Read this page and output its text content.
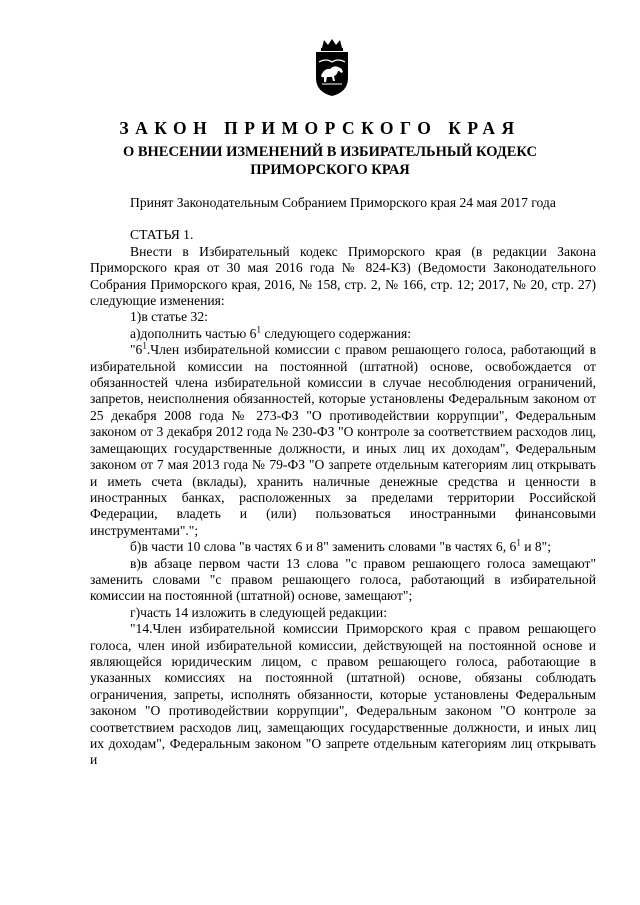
ЗАКОН ПРИМОРСКОГО КРАЯ
О ВНЕСЕНИИ ИЗМЕНЕНИЙ В ИЗБИРАТЕЛЬНЫЙ КОДЕКС
ПРИМОРСКОГО КРАЯ

Принят Законодательным Собранием Приморского края 24 мая 2017 года

СТАТЬЯ 1.

Внести в Избирательный кодекс Приморского края (в редакции Закона Приморского края от 30 мая 2016 года № 824-КЗ) (Ведомости Законодательного Собрания Приморского края, 2016, № 158, стр. 2, № 166, стр. 12; 2017, № 20, стр. 27) следующие изменения:

1)в статье 32:

а)дополнить частью $6^1$ следующего содержания:

"$6^1.Член$ избирательной комиссии с правом решающего голоса, работающий в избирательной комиссии на постоянной (штатной) основе, освобождается от обязанностей члена избирательной комиссии в случае несоблюдения ограничений, запретов, неисполнения обязанностей, которые установлены Федеральным законом от 25 декабря 2008 года № 273-ФЗ "О противодействии коррупции", Федеральным законом от 3 декабря 2012 года № 230-ФЗ "О контроле за соответствием расходов лиц, замещающих государственные должности, и иных лиц их доходам", Федеральным законом от 7 мая 2013 года № 79-ФЗ "О запрете отдельным категориям лиц открывать и иметь счета (вклады), хранить наличные денежные средства и ценности в иностранных банках, расположенных за пределами территории Российской Федерации, владеть и (или) пользоваться иностранными финансовыми инструментами".";

б)в части 10 слова "в частях 6 и 8" заменить словами "в частях 6, $6^1$ и 8";

в)в абзаце первом части 13 слова "с правом решающего голоса замещают" заменить словами "с правом решающего голоса, работающий в избирательной комиссии на постоянной (штатной) основе, замещают";

г)часть 14 изложить в следующей редакции:

"14.Член избирательной комиссии Приморского края с правом решающего голоса, член иной избирательной комиссии, действующей на постоянной основе и являющейся юридическим лицом, с правом решающего голоса, работающие в указанных комиссиях на постоянной (штатной) основе, обязаны соблюдать ограничения, запреты, исполнять обязанности, которые установлены Федеральным законом "О противодействии коррупции", Федеральным законом "О контроле за соответствием расходов лиц, замещающих государственные должности, и иных лиц их доходам", Федеральным законом "О запрете отдельным категориям лиц открывать и
